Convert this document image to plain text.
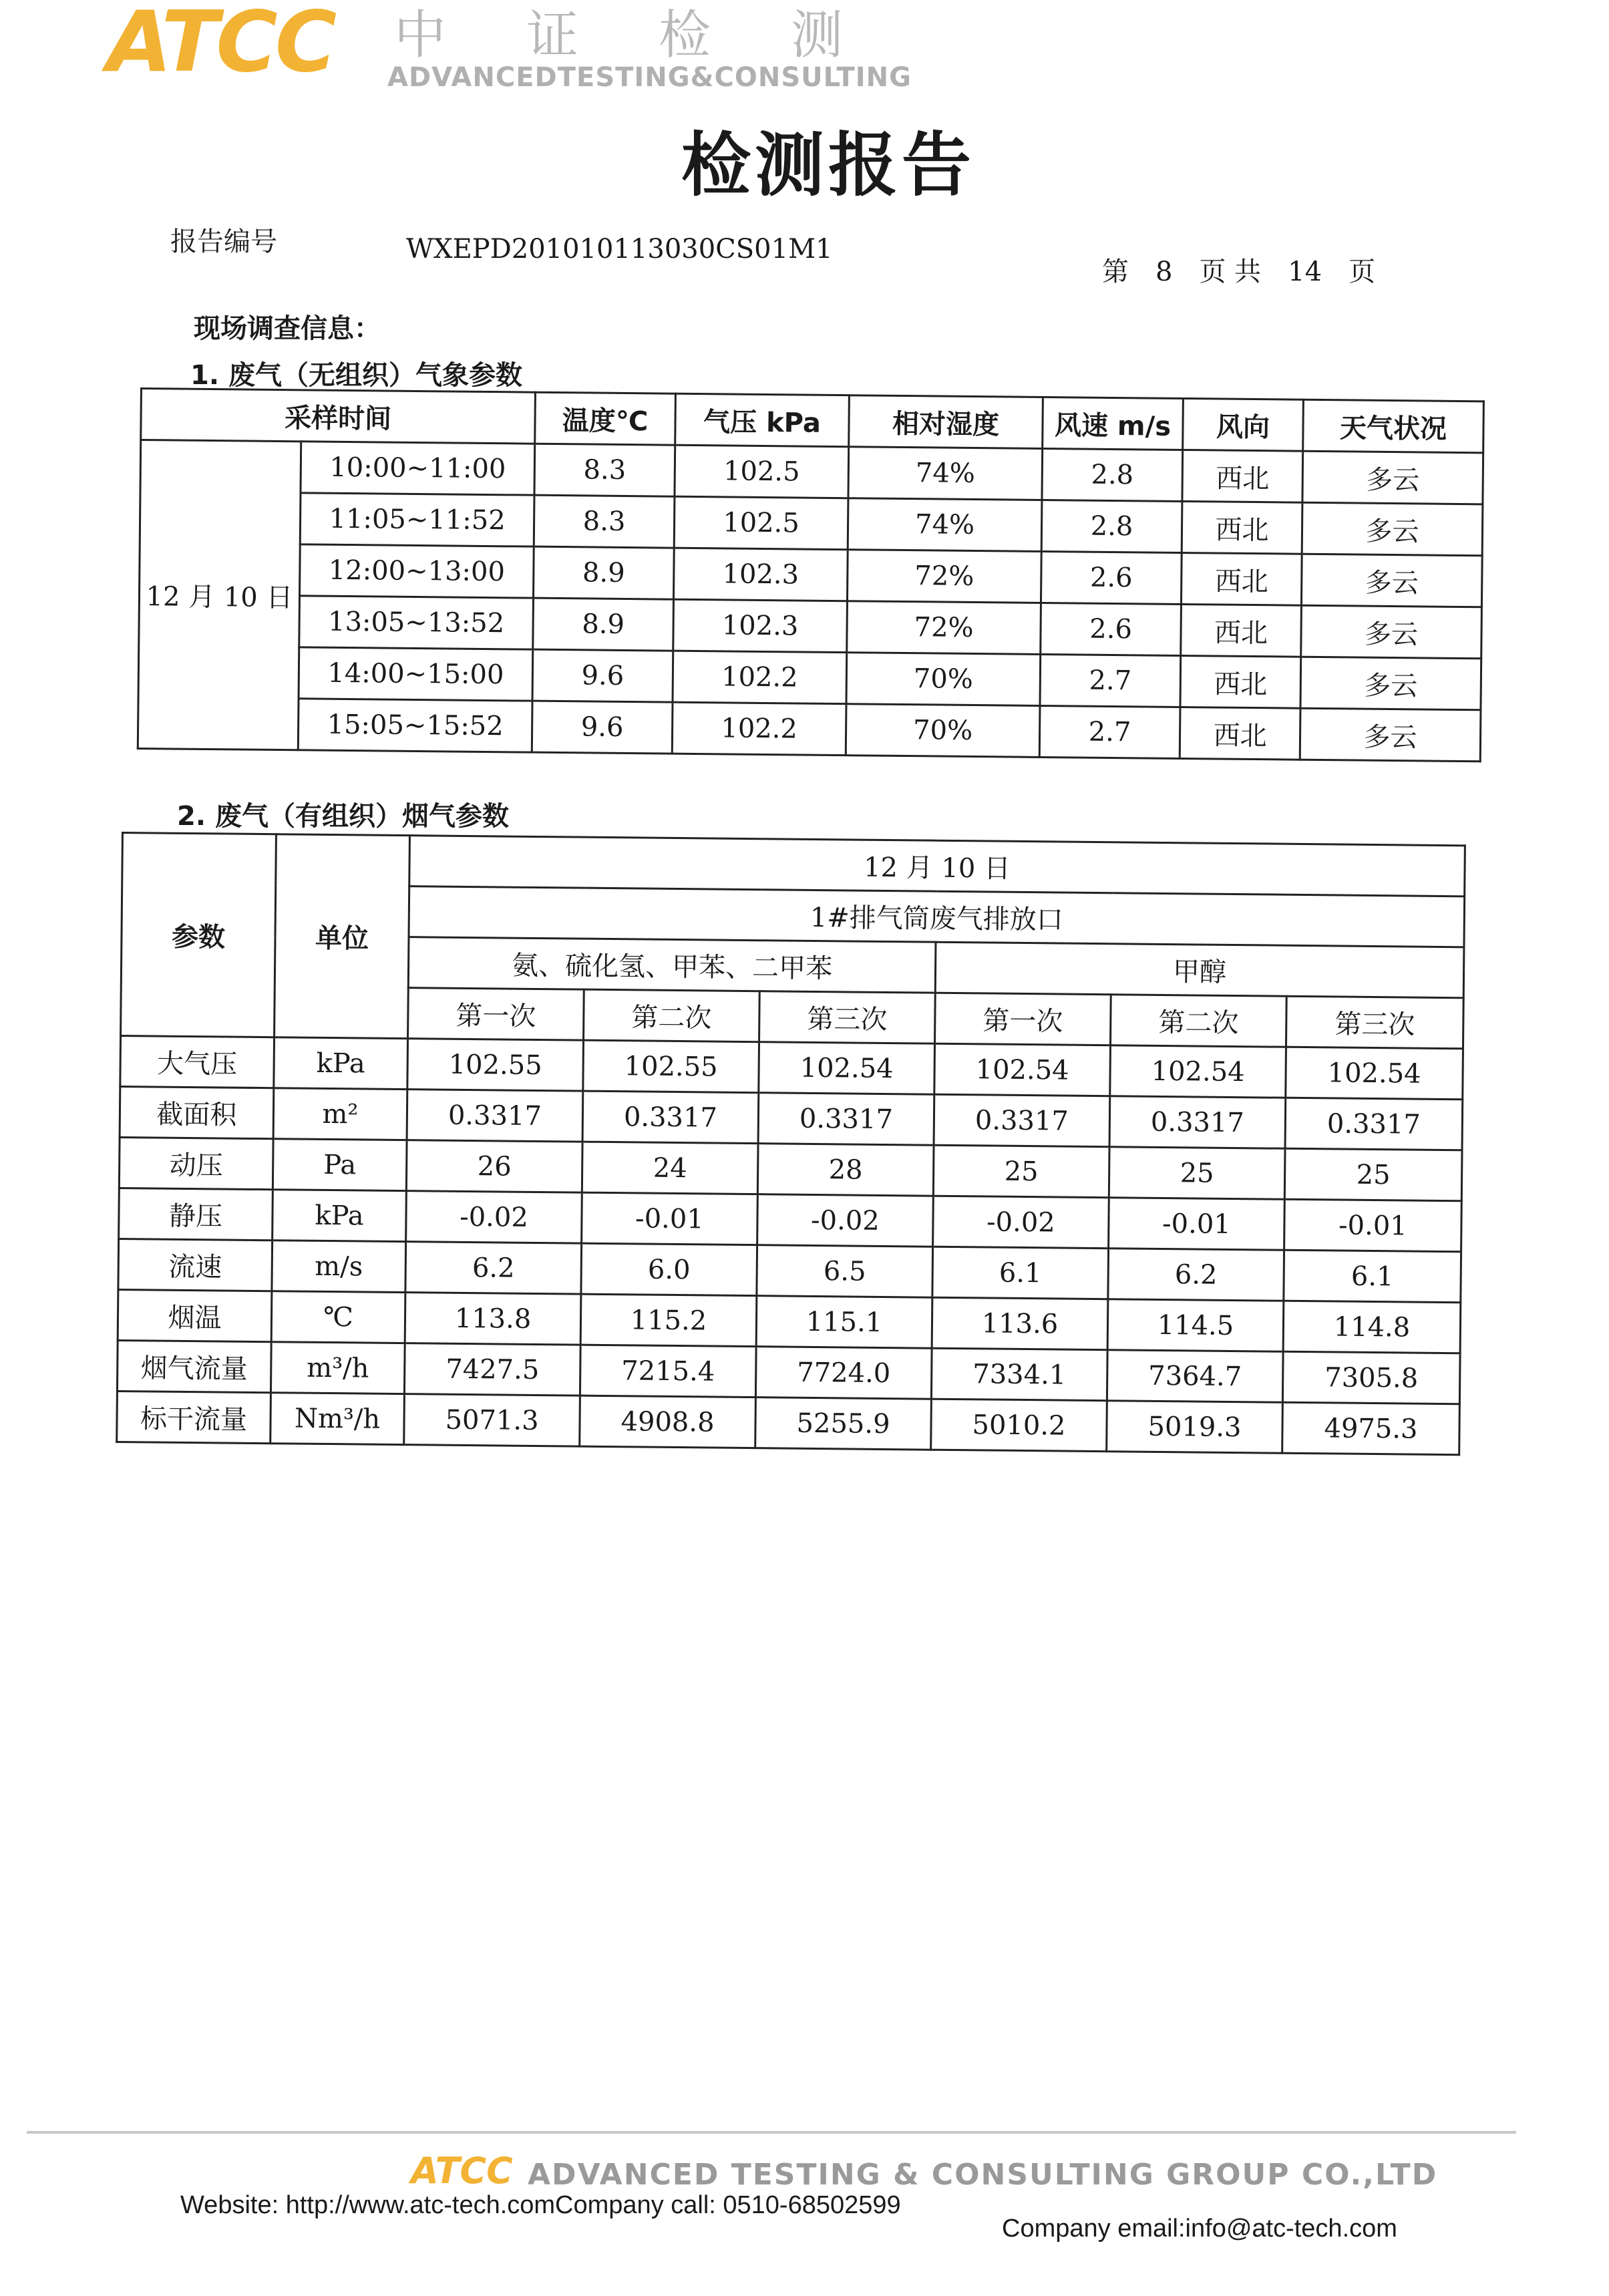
ATCC 中证检测
ADVANCEDTESTING&CONSULTING
检测报告
报告编号	WXEPD201010113030CS01M1
第 8 页 共 14 页
现场调查信息：
1. 废气（无组织）气象参数
采样时间		温度℃	气压 kPa	相对湿度	风速 m/s	风向	天气状况
12 月 10 日	10:00~11:00	8.3	102.5	74%	2.8	西北	多云
	11:05~11:52	8.3	102.5	74%	2.8	西北	多云
	12:00~13:00	8.9	102.3	72%	2.6	西北	多云
	13:05~13:52	8.9	102.3	72%	2.6	西北	多云
	14:00~15:00	9.6	102.2	70%	2.7	西北	多云
	15:05~15:52	9.6	102.2	70%	2.7	西北	多云
2. 废气（有组织）烟气参数
参数	单位	12 月 10 日					
		1#排气筒废气排放口					
		氨、硫化氢、甲苯、二甲苯			甲醇		
		第一次	第二次	第三次	第一次	第二次	第三次
大气压	kPa	102.55	102.55	102.54	102.54	102.54	102.54
截面积	m²	0.3317	0.3317	0.3317	0.3317	0.3317	0.3317
动压	Pa	26	24	28	25	25	25
静压	kPa	-0.02	-0.01	-0.02	-0.02	-0.01	-0.01
流速	m/s	6.2	6.0	6.5	6.1	6.2	6.1
烟温	℃	113.8	115.2	115.1	113.6	114.5	114.8
烟气流量	m³/h	7427.5	7215.4	7724.0	7334.1	7364.7	7305.8
标干流量	Nm³/h	5071.3	4908.8	5255.9	5010.2	5019.3	4975.3
ATCC ADVANCED TESTING & CONSULTING GROUP CO.,LTD
Website: http://www.atc-tech.comCompany call: 0510-68502599
Company email:info@atc-tech.com
